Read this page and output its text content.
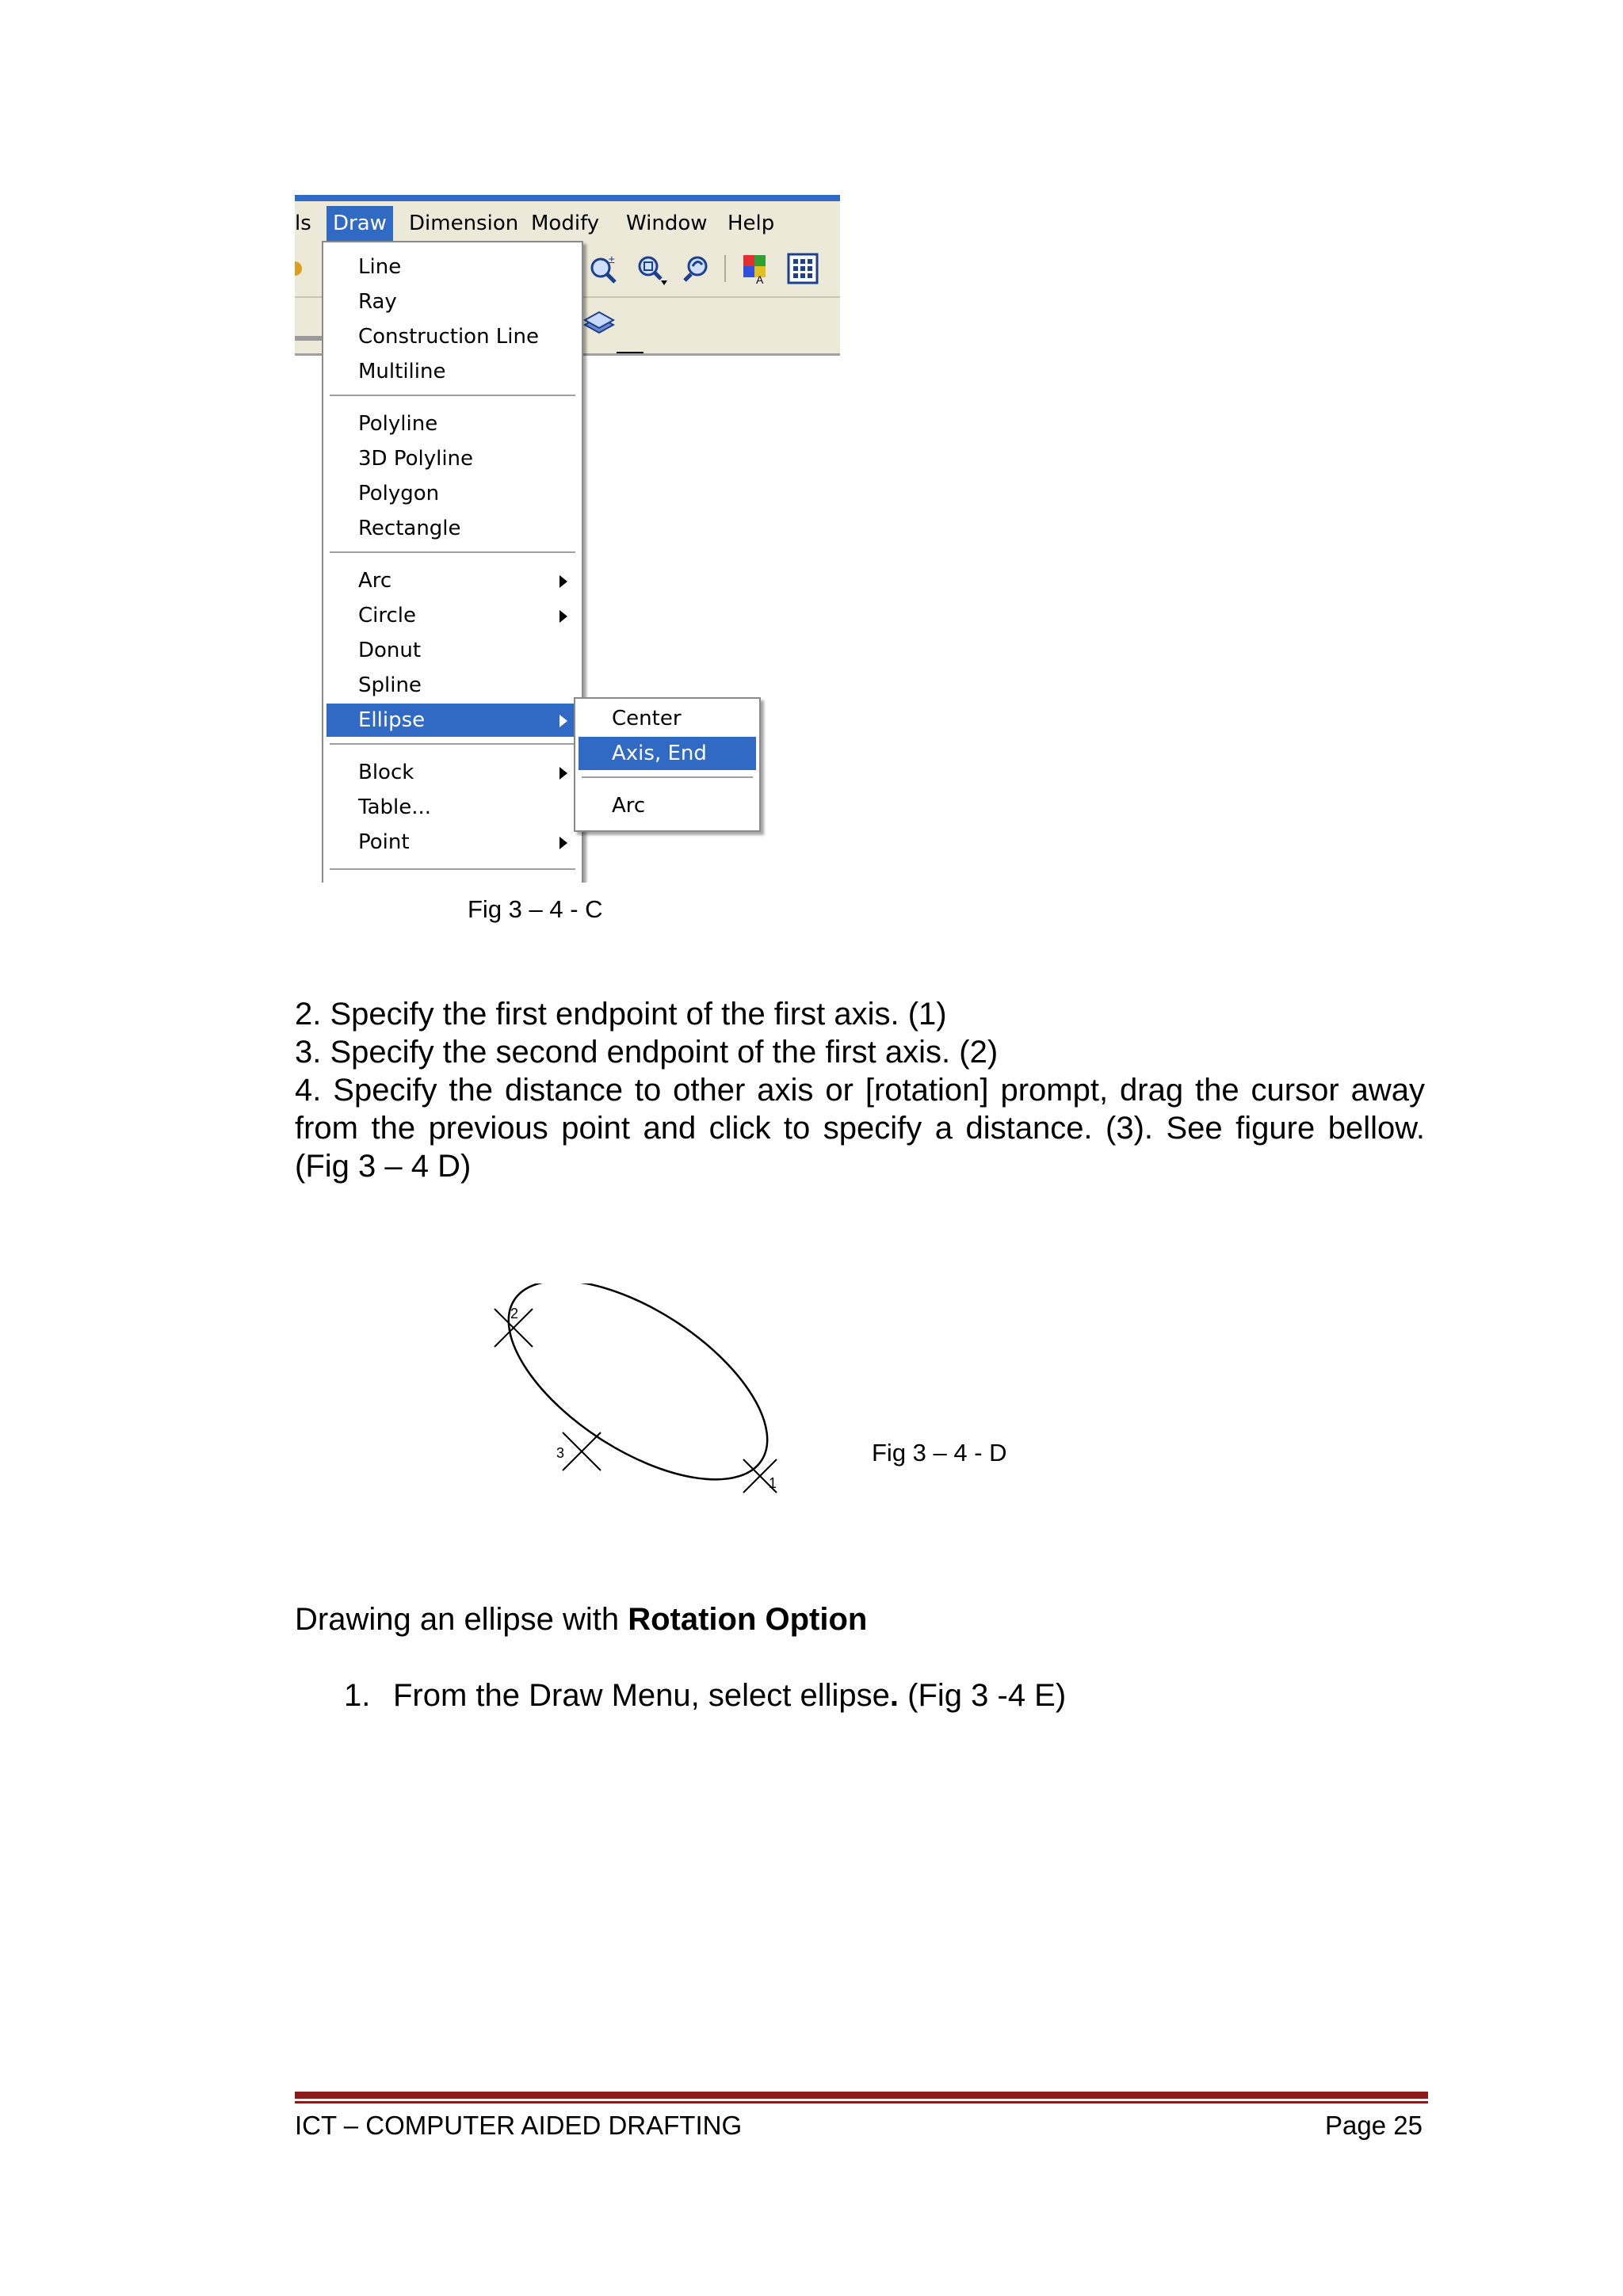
ls	Draw	Dimension Modify	Window Help
±
A
Line
Ray
Construction Line
Multiline
Polyline
3D Polyline
Polygon
Rectangle
Arc
Circle
Donut
Spline
Ellipse
Block
Table...
Point
Center
Axis, End
Arc
Fig 3 – 4 - C
2. Specify the first endpoint of the first axis. (1)
3. Specify the second endpoint of the first axis. (2)
4. Specify the distance to other axis or [rotation] prompt, drag the cursor away from the previous point and click to specify a distance. (3). See figure bellow. (Fig 3 – 4 D)
2
3
1
Fig 3 – 4 - D
Drawing an ellipse with Rotation Option
1. From the Draw Menu, select ellipse. (Fig 3 -4 E)
ICT – COMPUTER AIDED DRAFTING	Page 25
